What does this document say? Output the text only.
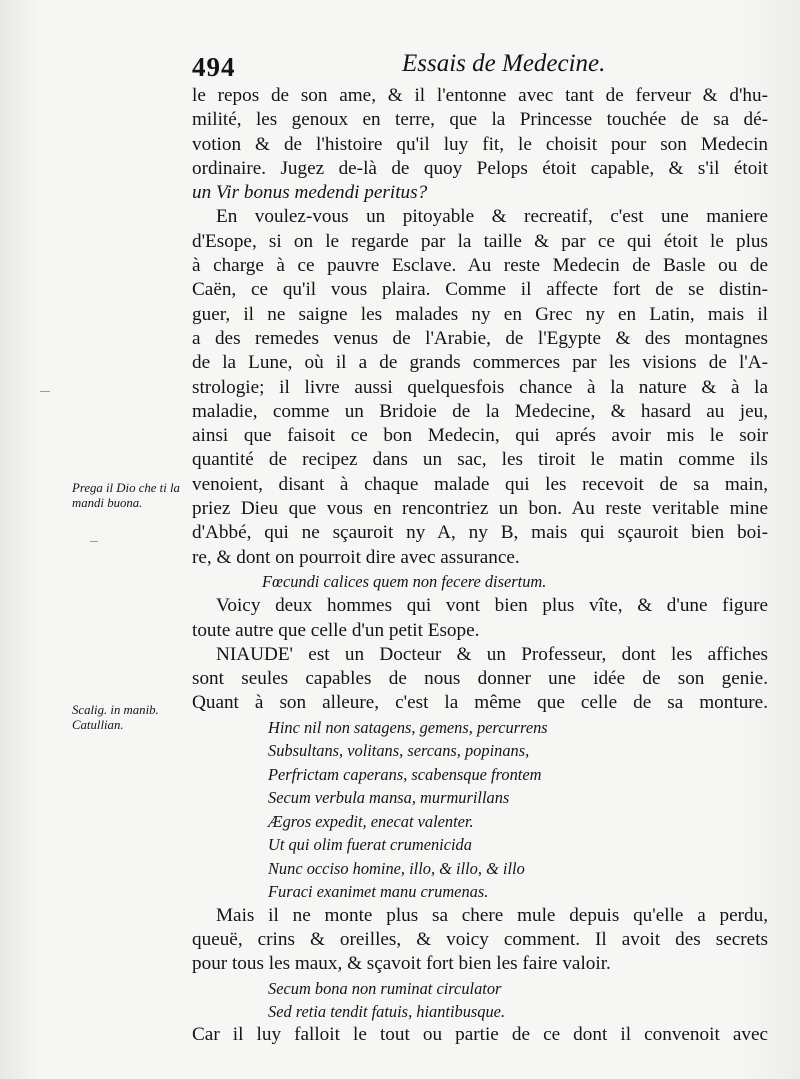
494	Essais de Medecine.
Prega il Dio che ti la mandi buona.
Scalig. in manib. Catullian.
le repos de son ame, & il l'entonne avec tant de ferveur & d'hu-
milité, les genoux en terre, que la Princesse touchée de sa dé-
votion & de l'histoire qu'il luy fit, le choisit pour son Medecin
ordinaire. Jugez de-là de quoy Pelops étoit capable, & s'il étoit
un Vir bonus medendi peritus?
En voulez-vous un pitoyable & recreatif, c'est une maniere
d'Esope, si on le regarde par la taille & par ce qui étoit le plus
à charge à ce pauvre Esclave. Au reste Medecin de Basle ou de
Caën, ce qu'il vous plaira. Comme il affecte fort de se distin-
guer, il ne saigne les malades ny en Grec ny en Latin, mais il
a des remedes venus de l'Arabie, de l'Egypte & des montagnes
de la Lune, où il a de grands commerces par les visions de l'A-
strologie; il livre aussi quelquesfois chance à la nature & à la
maladie, comme un Bridoie de la Medecine, & hasard au jeu,
ainsi que faisoit ce bon Medecin, qui aprés avoir mis le soir
quantité de recipez dans un sac, les tiroit le matin comme ils
venoient, disant à chaque malade qui les recevoit de sa main,
priez Dieu que vous en rencontriez un bon. Au reste veritable mine
d'Abbé, qui ne sçauroit ny A, ny B, mais qui sçauroit bien boi-
re, & dont on pourroit dire avec assurance.
Fœcundi calices quem non fecere disertum.
Voicy deux hommes qui vont bien plus vîte, & d'une figure
toute autre que celle d'un petit Esope.
NIAUDE' est un Docteur & un Professeur, dont les affiches
sont seules capables de nous donner une idée de son genie.
Quant à son alleure, c'est la même que celle de sa monture.
Hinc nil non satagens, gemens, percurrens
Subsultans, volitans, sercans, popinans,
Perfrictam caperans, scabensque frontem
Secum verbula mansa, murmurillans
Ægros expedit, enecat valenter.
Ut qui olim fuerat crumenicida
Nunc occiso homine, illo, & illo, & illo
Furaci exanimet manu crumenas.
Mais il ne monte plus sa chere mule depuis qu'elle a perdu,
queuë, crins & oreilles, & voicy comment. Il avoit des secrets
pour tous les maux, & sçavoit fort bien les faire valoir.
Secum bona non ruminat circulator
Sed retia tendit fatuis, hiantibusque.
Car il luy falloit le tout ou partie de ce dont il convenoit avec
